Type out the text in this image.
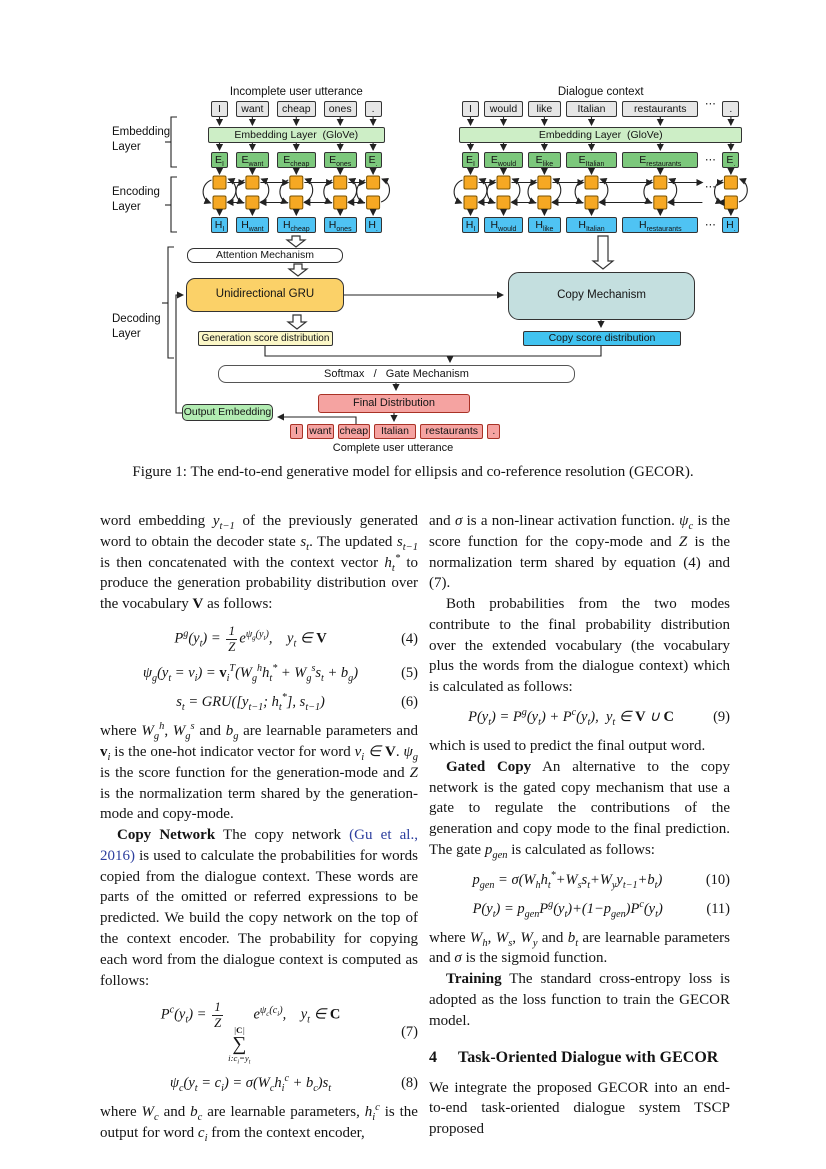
⋯
⋯
⋯
⋯
Embedding Layer
Encoding Layer
Decoding Layer
Attention Mechanism
Unidirectional GRU	Copy Mechanism
Generation score distribution	Copy score distribution
Softmax   /   Gate Mechanism
Final Distribution
Output Embedding
Complete user utterance
Incomplete user utterance
Embedding Layer  (GloVe)
I
$E_I$
$H_I$
want
$E_{want}$
$H_{want}$
cheap
$E_{cheap}$
$H_{cheap}$
ones
$E_{ones}$
$H_{ones}$
.
$E_.$
$H_.$
Dialogue context
Embedding Layer  (GloVe)
I
$E_I$
$H_I$
would
$E_{would}$
$H_{would}$
like
$E_{like}$
$H_{like}$
Italian
$E_{Italian}$
$H_{Italian}$
restaurants
$E_{restaurants}$
$H_{restaurants}$
.
$E_.$
$H_.$
I	want cheap	Italian	restaurants	.
Figure 1: The end-to-end generative model for ellipsis and co-reference resolution (GECOR).

word embedding $y_{t-1}$ of the previously generated word to obtain the decoder state $s_t$. The updated $s_{t-1}$ is then concatenated with the context vector $h_t^*$ to produce the generation probability distribution over the vocabulary V as follows:

$P^g(y_t) = \frac{1}{Z} e^{\psi_g(y_t)}$,    $y_t$ ∈ V	(4)
$\psi_g(y_t = v_i) = v_i^T(W_g^hh_t^* + W_g^ss_t + b_g)$	(5)
$s_t = GRU([y_{t-1}$; $h_t^*$], $s_{t-1}$)	(6)

where $W_g^h$, $W_g^s$ and $b_g$ are learnable parameters and $v_i$ is the one-hot indicator vector for word $v_i$ ∈ V. $\psi_g$ is the score function for the generation-mode and Z is the normalization term shared by the generation-mode and copy-mode.

Copy Network The copy network (Gu et al., 2016) is used to calculate the probabilities for words copied from the dialogue context. These words are parts of the omitted or referred expressions to be predicted. We build the copy network on the top of the context encoder. The probability for copying each word from the dialogue context is computed as follows:

$P^c(y_t) = \frac{1}{Z} |C|$
∑
$i:c_i=y_t$
$e^{\psi_c(c_i)}$,    $y_t$ ∈ C
(7)
$\psi_c(y_t = c_i) = \sigma(W_ch_i^c + b_c)s_t$	(8)

where $W_c$ and $b_c$ are learnable parameters, $h_i^c$ is the output for word $c_i$ from the context encoder,

and σ is a non-linear activation function. $\psi_c$ is the score function for the copy-mode and Z is the normalization term shared by equation (4) and (7).

Both probabilities from the two modes contribute to the final probability distribution over the extended vocabulary (the vocabulary plus the words from the dialogue context) which is calculated as follows:

$P(y_t) = P^g(y_t) + P^c(y_t)$,  $y_t$ ∈ V ∪ C	(9)

which is used to predict the final output word.

Gated Copy An alternative to the copy network is the gated copy mechanism that use a gate to regulate the contributions of the generation and copy mode to the final prediction. The gate $p_{gen}$ is calculated as follows:

$p_{gen} = \sigma(W_hh_t^*+W_ss_t+W_yy_{t-1}+b_t)$	(10)
$P(y_t) = p_{gen}P^g(y_t)+(1-p_{gen})P^c(y_t)$	(11)

where $W_h$, $W_s$, $W_y$ and $b_t$ are learnable parameters and σ is the sigmoid function.

Training The standard cross-entropy loss is adopted as the loss function to train the GECOR model.

4 Task-Oriented Dialogue with GECOR

We integrate the proposed GECOR into an end-to-end task-oriented dialogue system TSCP proposed
